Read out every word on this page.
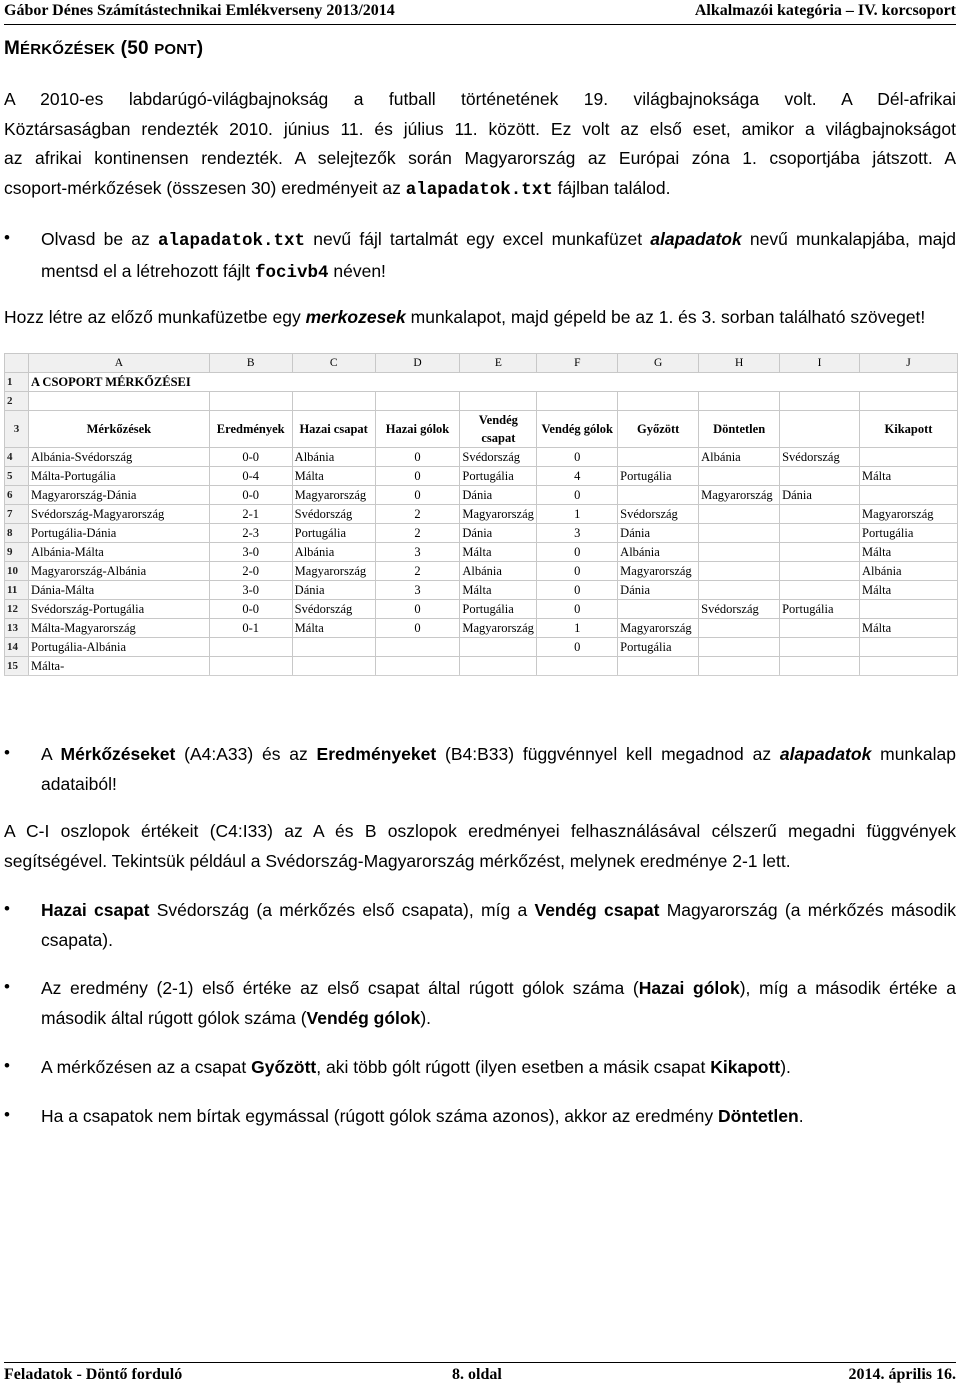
Gábor Dénes Számítástechnikai Emlékverseny 2013/2014	Alkalmazói kategória – IV. korcsoport
MÉRKŐZÉSEK (50 PONT)
A 2010-es labdarúgó-világbajnokság a futball történetének 19. világbajnoksága volt. A Dél-afrikai
Köztársaságban rendezték 2010. június 11. és július 11. között. Ez volt az első eset, amikor a világbajnokságot
az afrikai kontinensen rendezték. A selejtezők során Magyarország az Európai zóna 1. csoportjába játszott. A
csoport-mérkőzések (összesen 30) eredményeit az alapadatok.txt fájlban találod.
•	Olvasd be az alapadatok.txt nevű fájl tartalmát egy excel munkafüzet alapadatok nevű munkalapjába, majd mentsd el a létrehozott fájlt focivb4 néven!
Hozz létre az előző munkafüzetbe egy merkozesek munkalapot, majd gépeld be az 1. és 3. sorban található szöveget!
	A	B	C	D	E	F	G	H	I	J
1	A CSOPORT MÉRKŐZÉSEI									
2										
3	Mérkőzések	Eredmények	Hazai csapat	Hazai gólok	Vendég csapat	Vendég gólok	Győzött	Döntetlen		Kikapott
4	Albánia-Svédország	0-0	Albánia	0	Svédország	0		Albánia	Svédország	
5	Málta-Portugália	0-4	Málta	0	Portugália	4	Portugália			Málta
6	Magyarország-Dánia	0-0	Magyarország	0	Dánia	0		Magyarország	Dánia	
7	Svédország-Magyarország	2-1	Svédország	2	Magyarország	1	Svédország			Magyarország
8	Portugália-Dánia	2-3	Portugália	2	Dánia	3	Dánia			Portugália
9	Albánia-Málta	3-0	Albánia	3	Málta	0	Albánia			Málta
10	Magyarország-Albánia	2-0	Magyarország	2	Albánia	0	Magyarország			Albánia
11	Dánia-Málta	3-0	Dánia	3	Málta	0	Dánia			Málta
12	Svédország-Portugália	0-0	Svédország	0	Portugália	0		Svédország	Portugália	
13	Málta-Magyarország	0-1	Málta	0	Magyarország	1	Magyarország			Málta
14	Portugália-Albánia					0	Portugália			
15	Málta-									
•	A Mérkőzéseket (A4:A33) és az Eredményeket (B4:B33) függvénnyel kell megadnod az alapadatok munkalap adataiból!
A C-I oszlopok értékeit (C4:I33) az A és B oszlopok eredményei felhasználásával célszerű megadni függvények segítségével. Tekintsük például a Svédország-Magyarország mérkőzést, melynek eredménye 2-1 lett.
•	Hazai csapat Svédország (a mérkőzés első csapata), míg a Vendég csapat Magyarország (a mérkőzés második csapata).
•	Az eredmény (2-1) első értéke az első csapat által rúgott gólok száma (Hazai gólok), míg a második értéke a második által rúgott gólok száma (Vendég gólok).
•	A mérkőzésen az a csapat Győzött, aki több gólt rúgott (ilyen esetben a másik csapat Kikapott).
•	Ha a csapatok nem bírtak egymással (rúgott gólok száma azonos), akkor az eredmény Döntetlen.
Feladatok - Döntő forduló	8. oldal	2014. április 16.
